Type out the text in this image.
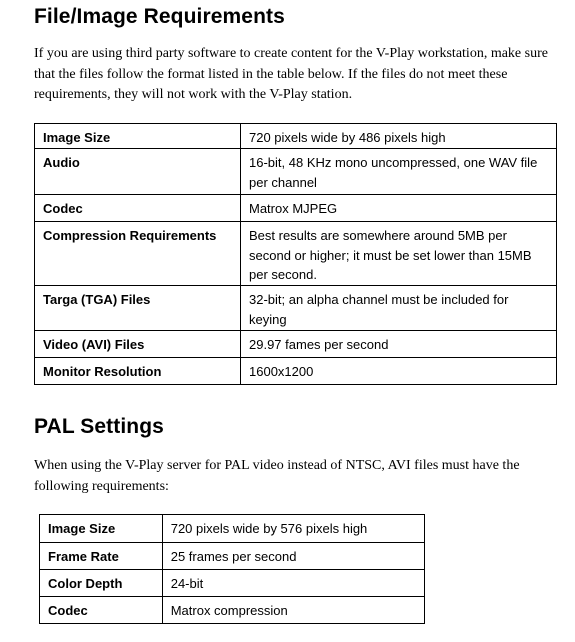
File/Image Requirements

If you are using third party software to create content for the V-Play workstation, make sure that the files follow the format listed in the table below. If the files do not meet these requirements, they will not work with the V-Play station.

Image Size	720 pixels wide by 486 pixels high
Audio	16-bit, 48 KHz mono uncompressed, one WAV file per channel
Codec	Matrox MJPEG
Compression Requirements	Best results are somewhere around 5MB per second or higher; it must be set lower than 15MB per second.
Targa (TGA) Files	32-bit; an alpha channel must be included for keying
Video (AVI) Files	29.97 fames per second
Monitor Resolution	1600x1200
PAL Settings

When using the V-Play server for PAL video instead of NTSC, AVI files must have the following requirements:

Image Size	720 pixels wide by 576 pixels high
Frame Rate	25 frames per second
Color Depth	24-bit
Codec	Matrox compression
